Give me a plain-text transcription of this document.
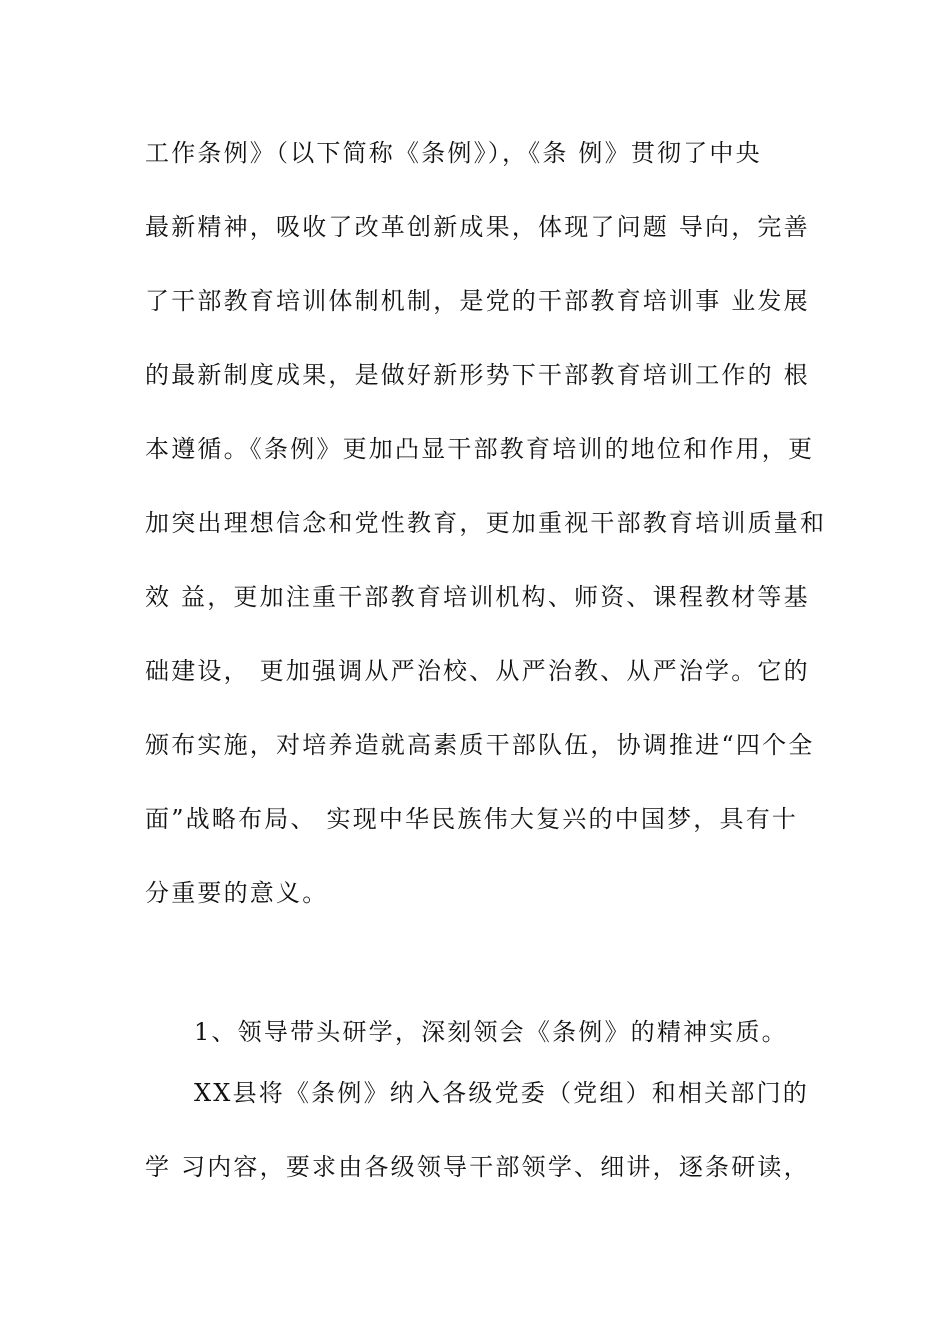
工作条例》（以下简称《条例》），《条 例》贯彻了中央
最新精神，吸收了改革创新成果，体现了问题 导向，完善
了干部教育培训体制机制，是党的干部教育培训事 业发展
的最新制度成果，是做好新形势下干部教育培训工作的 根
本遵循。《条例》更加凸显干部教育培训的地位和作用，更
加突出理想信念和党性教育，更加重视干部教育培训质量和
效 益，更加注重干部教育培训机构、师资、课程教材等基
础建设， 更加强调从严治校、从严治教、从严治学。它的
颁布实施，对培养造就高素质干部队伍，协调推进“四个全
面”战略布局、 实现中华民族伟大复兴的中国梦，具有十
分重要的意义。
1、领导带头研学，深刻领会《条例》的精神实质。
XX县将《条例》纳入各级党委（党组）和相关部门的
学 习内容，要求由各级领导干部领学、细讲，逐条研读，
